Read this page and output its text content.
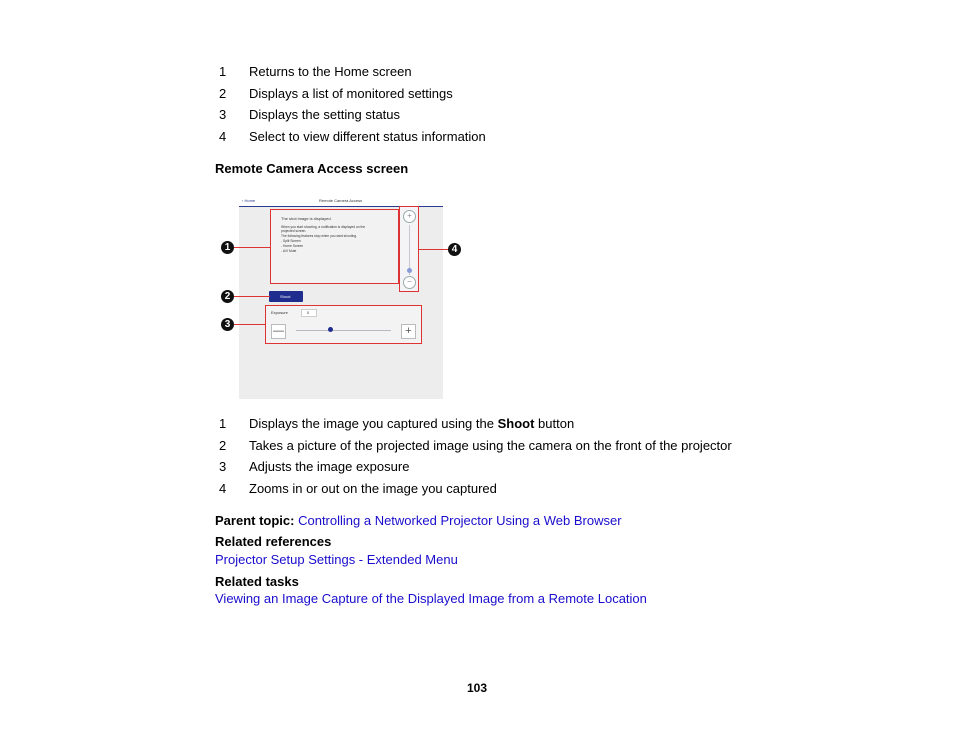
1 Returns to the Home screen
2 Displays a list of monitored settings
3 Displays the setting status
4 Select to view different status information
Remote Camera Access screen
‹ Home	Remote Camera Access
The shot image is displayed.
When you start shooting, a notification is displayed on the
projected screen.
The following features stop when you start shooting.
- Split Screen
- Home Screen
- A/V Mute
+
−
Shoot
Exposure	0
—	+
1
2
3
4
1 Displays the image you captured using the Shoot button
2 Takes a picture of the projected image using the camera on the front of the projector
3 Adjusts the image exposure
4 Zooms in or out on the image you captured
Parent topic: Controlling a Networked Projector Using a Web Browser
Related references
Projector Setup Settings - Extended Menu
Related tasks
Viewing an Image Capture of the Displayed Image from a Remote Location
103
